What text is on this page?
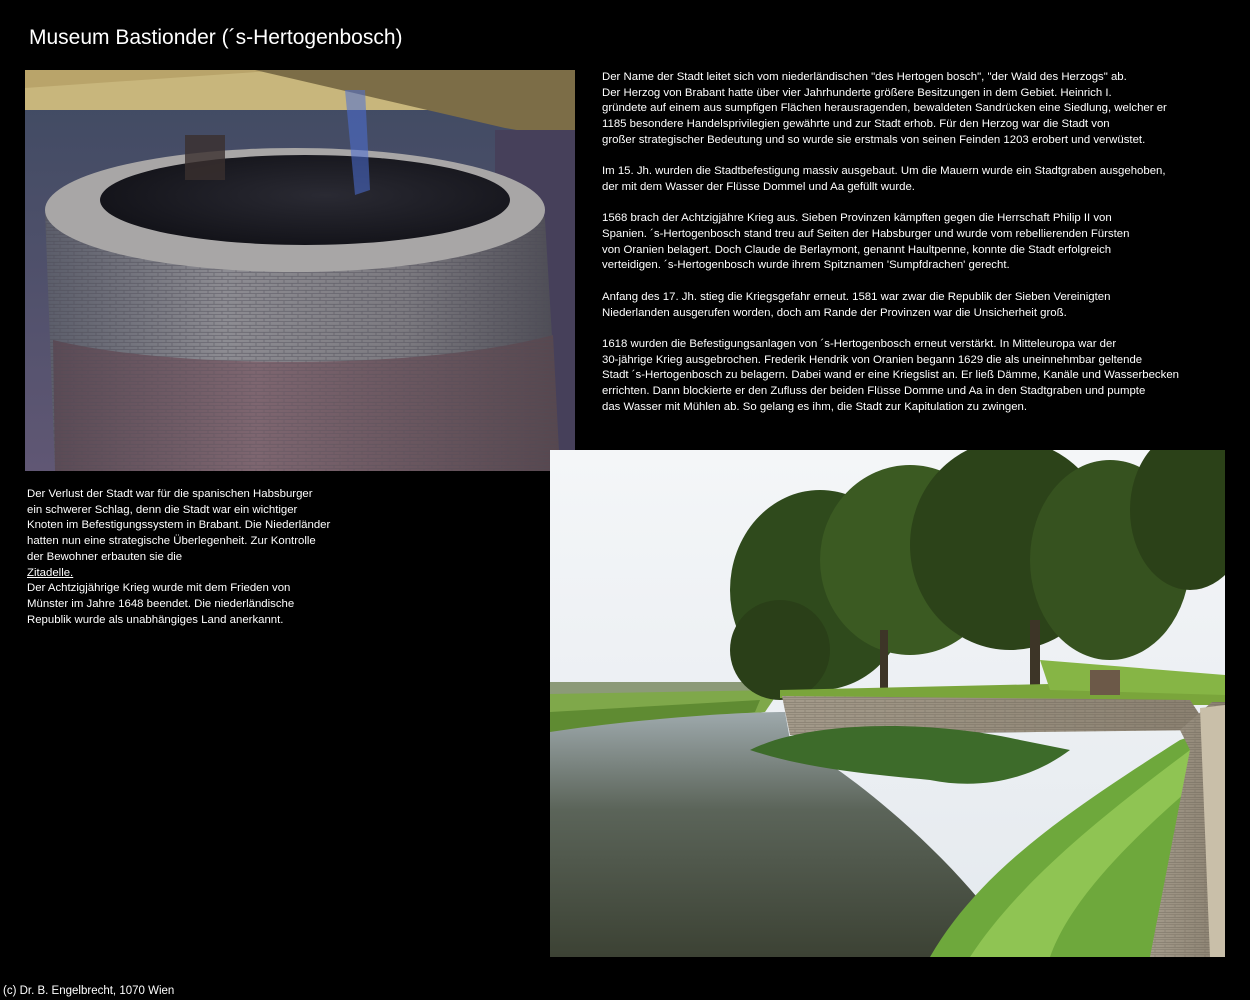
Museum Bastionder (´s-Hertogenbosch)

Der Name der Stadt leitet sich vom niederländischen "des Hertogen bosch", "der Wald des Herzogs" ab.
Der Herzog von Brabant hatte über vier Jahrhunderte größere Besitzungen in dem Gebiet. Heinrich I.
gründete auf einem aus sumpfigen Flächen herausragenden, bewaldeten Sandrücken eine Siedlung, welcher er
1185 besondere Handelsprivilegien gewährte und zur Stadt erhob. Für den Herzog war die Stadt von
großer strategischer Bedeutung und so wurde sie erstmals von seinen Feinden 1203 erobert und verwüstet.

Im 15. Jh. wurden die Stadtbefestigung massiv ausgebaut. Um die Mauern wurde ein Stadtgraben ausgehoben,
der mit dem Wasser der Flüsse Dommel und Aa gefüllt wurde.

1568 brach der Achtzigjähre Krieg aus. Sieben Provinzen kämpften gegen die Herrschaft Philip II von
Spanien. ´s-Hertogenbosch stand treu auf Seiten der Habsburger und wurde vom rebellierenden Fürsten
von Oranien belagert. Doch Claude de Berlaymont, genannt Haultpenne, konnte die Stadt erfolgreich
verteidigen. ´s-Hertogenbosch wurde ihrem Spitznamen 'Sumpfdrachen' gerecht.

Anfang des 17. Jh. stieg die Kriegsgefahr erneut. 1581 war zwar die Republik der Sieben Vereinigten
Niederlanden ausgerufen worden, doch am Rande der Provinzen war die Unsicherheit groß.

1618 wurden die Befestigungsanlagen von ´s-Hertogenbosch erneut verstärkt. In Mitteleuropa war der
30-jährige Krieg ausgebrochen. Frederik Hendrik von Oranien begann 1629 die als uneinnehmbar geltende
Stadt ´s-Hertogenbosch zu belagern. Dabei wand er eine Kriegslist an. Er ließ Dämme, Kanäle und Wasserbecken
errichten. Dann blockierte er den Zufluss der beiden Flüsse Domme und Aa in den Stadtgraben und pumpte
das Wasser mit Mühlen ab. So gelang es ihm, die Stadt zur Kapitulation zu zwingen.

Der Verlust der Stadt war für die spanischen Habsburger
ein schwerer Schlag, denn die Stadt war ein wichtiger
Knoten im Befestigungssystem in Brabant. Die Niederländer
hatten nun eine strategische Überlegenheit. Zur Kontrolle
der Bewohner erbauten sie die
Zitadelle.
Der Achtzigjährige Krieg wurde mit dem Frieden von
Münster im Jahre 1648 beendet. Die niederländische
Republik wurde als unabhängiges Land anerkannt.

(c) Dr. B. Engelbrecht, 1070 Wien
